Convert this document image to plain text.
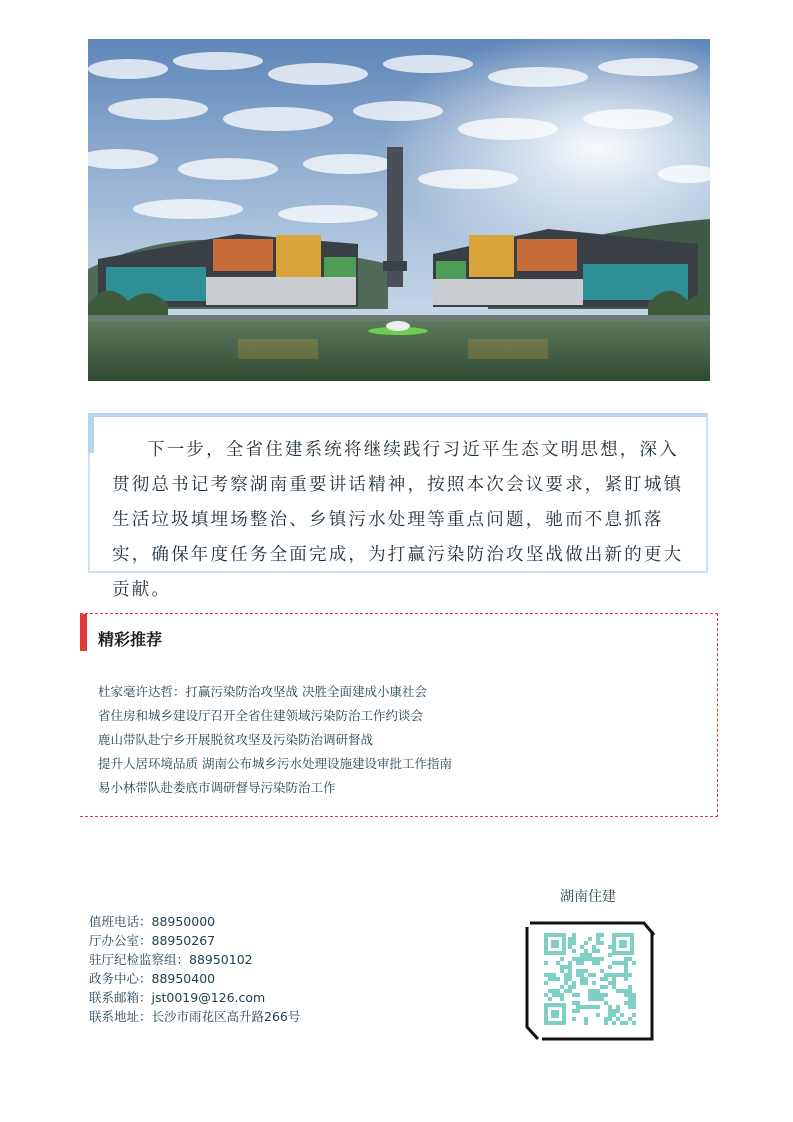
下一步，全省住建系统将继续践行习近平生态文明思想，深入贯彻总书记考察湖南重要讲话精神，按照本次会议要求，紧盯城镇生活垃圾填埋场整治、乡镇污水处理等重点问题，驰而不息抓落实，确保年度任务全面完成，为打赢污染防治攻坚战做出新的更大贡献。

精彩推荐
杜家毫许达哲：打赢污染防治攻坚战 决胜全面建成小康社会
省住房和城乡建设厅召开全省住建领域污染防治工作约谈会
鹿山带队赴宁乡开展脱贫攻坚及污染防治调研督战
提升人居环境品质 湖南公布城乡污水处理设施建设审批工作指南
易小林带队赴娄底市调研督导污染防治工作
值班电话：88950000
厅办公室：88950267
驻厅纪检监察组：88950102
政务中心：88950400
联系邮箱：jst0019@126.com
联系地址：长沙市雨花区高升路266号
湖南住建
